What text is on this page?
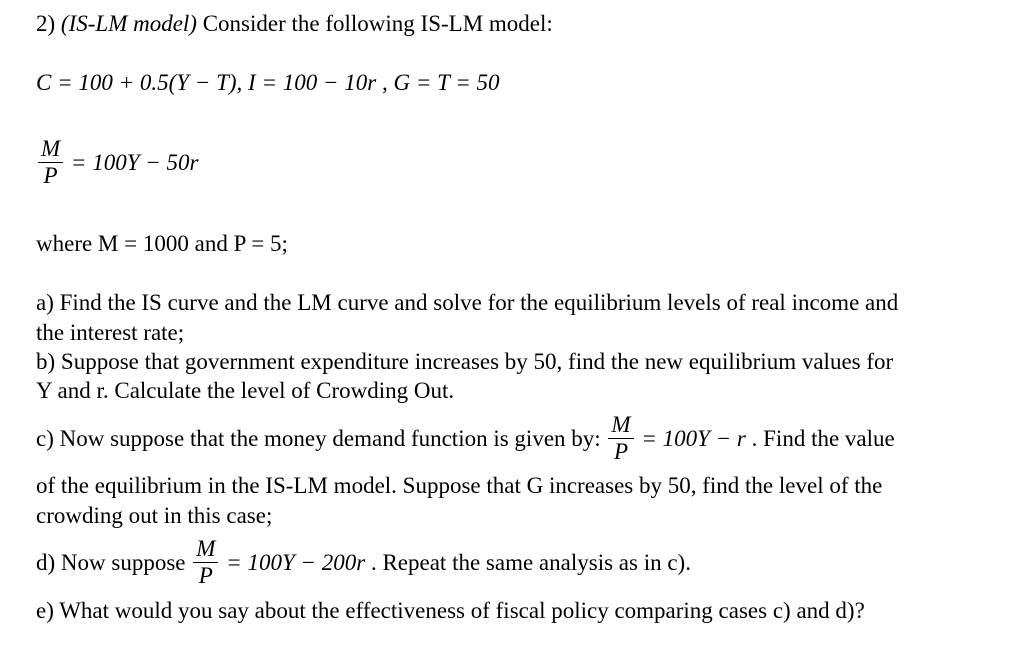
2) (IS-LM model) Consider the following IS-LM model:
C = 100 + 0.5(Y − T), I = 100 − 10r , G = T = 50
$\frac{M}{P} = 100Y - 50r$
where M = 1000 and P = 5;
a) Find the IS curve and the LM curve and solve for the equilibrium levels of real income and
the interest rate;
b) Suppose that government expenditure increases by 50, find the new equilibrium values for
Y and r. Calculate the level of Crowding Out.
c) Now suppose that the money demand function is given by: $\frac{M}{P} = 100Y - r$ . Find the value
of the equilibrium in the IS-LM model. Suppose that G increases by 50, find the level of the
crowding out in this case;
d) Now suppose $\frac{M}{P} = 100Y - 200r$ . Repeat the same analysis as in c).
e) What would you say about the effectiveness of fiscal policy comparing cases c) and d)?
